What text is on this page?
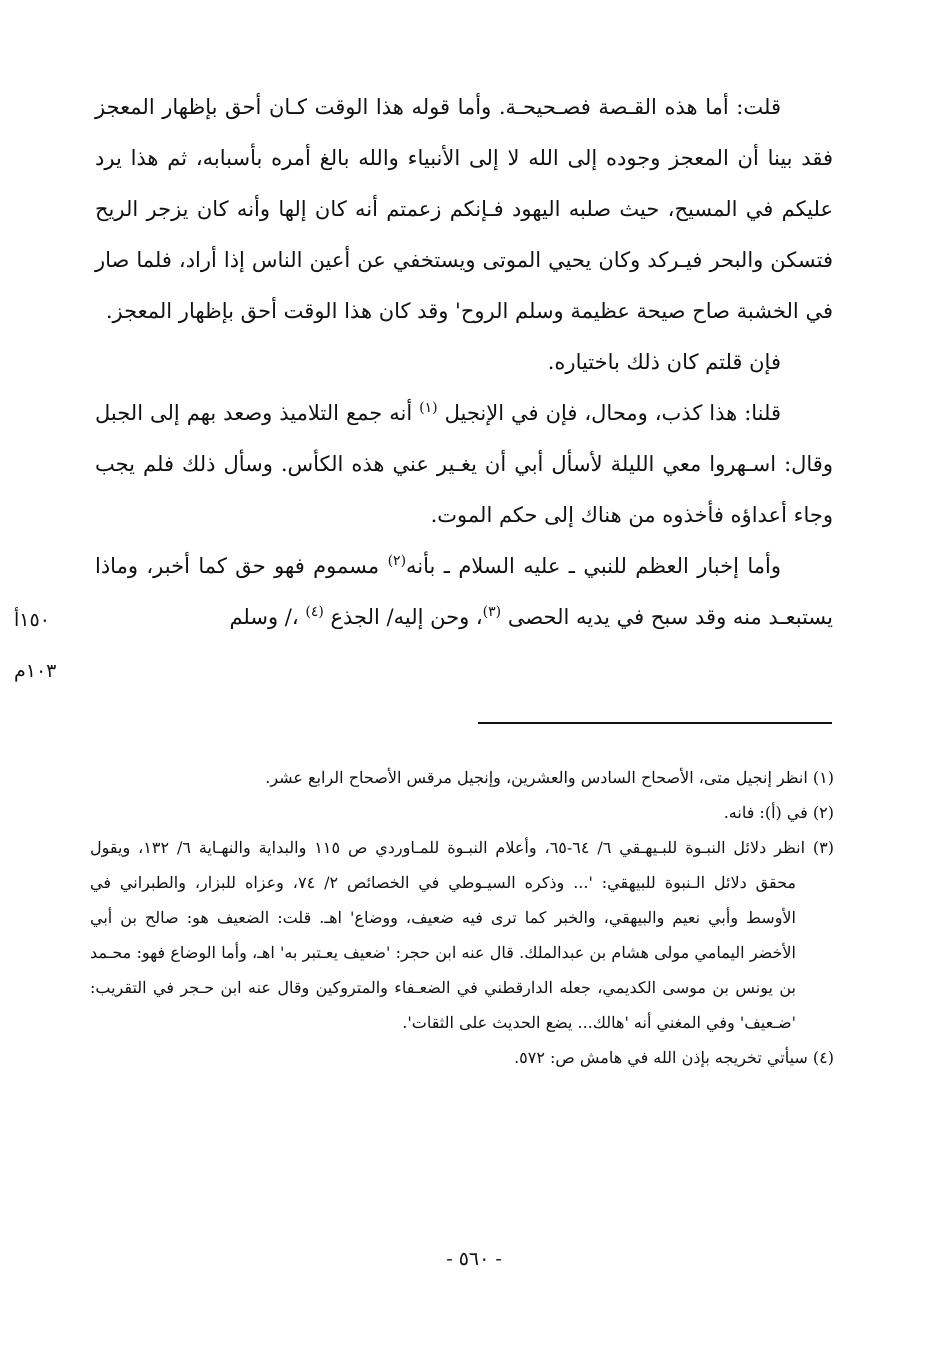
قلت: أما هذه القـصة فصـحيحـة. وأما قوله هذا الوقت كـان أحق بإظهار المعجز فقد بينا أن المعجز وجوده إلى الله لا إلى الأنبياء والله بالغ أمره بأسبابه، ثم هذا يرد عليكم في المسيح، حيث صلبه اليهود فـإنكم زعمتم أنه كان إلها وأنه كان يزجر الريح فتسكن والبحر فيـركد وكان يحيي الموتى ويستخفي عن أعين الناس إذا أراد، فلما صار في الخشبة صاح صيحة عظيمة وسلم الروح' وقد كان هذا الوقت أحق بإظهار المعجز.

فإن قلتم كان ذلك باختياره.

قلنا: هذا كذب، ومحال، فإن في الإنجيل $^{(١)}$ أنه جمع التلاميذ وصعد بهم إلى الجبل وقال: اسـهروا معي الليلة لأسأل أبي أن يغـير عني هذه الكأس. وسأل ذلك فلم يجب وجاء أعداؤه فأخذوه من هناك إلى حكم الموت.

وأما إخبار العظم للنبي ـ عليه السلام ـ بأنه$^{(٢)}$ مسموم فهو حق كما أخبر، وماذا يستبعـد منه وقد سبح في يديه الحصى $^{(٣)}$، وحن إليه/ الجذع $^{(٤)}$ ،/ وسلم

١٥٠أ
١٠٣م

(١) انظر إنجيل متى، الأصحاح السادس والعشرين، وإنجيل مرقس الأصحاح الرابع عشر.

(٢) في (أ): فانه.

(٣) انظر دلائل النبـوة للبـيهـقي ٦/ ٦٤-٦٥، وأعلام النبـوة للمـاوردي ص ١١٥ والبداية والنهـاية ٦/ ١٣٢، ويقول محقق دلائل الـنبوة للبيهقي: '... وذكره السيـوطي في الخصائص ٢/ ٧٤، وعزاه للبزار، والطبراني في الأوسط وأبي نعيم والبيهقي، والخبر كما ترى فيه ضعيف، ووضاع' اهـ. قلت: الضعيف هو: صالح بن أبي الأخضر اليمامي مولى هشام بن عبدالملك. قال عنه ابن حجر: 'ضعيف يعـتبر به' اهـ، وأما الوضاع فهو: محـمد بن يونس بن موسى الكديمي، جعله الدارقطني في الضعـفاء والمتروكين وقال عنه ابن حـجر في التقريب: 'ضـعيف' وفي المغني أنه 'هالك... يضع الحديث على الثقات'.

(٤) سيأتي تخريجه بإذن الله في هامش ص: ٥٧٢.

- ٥٦٠ -
